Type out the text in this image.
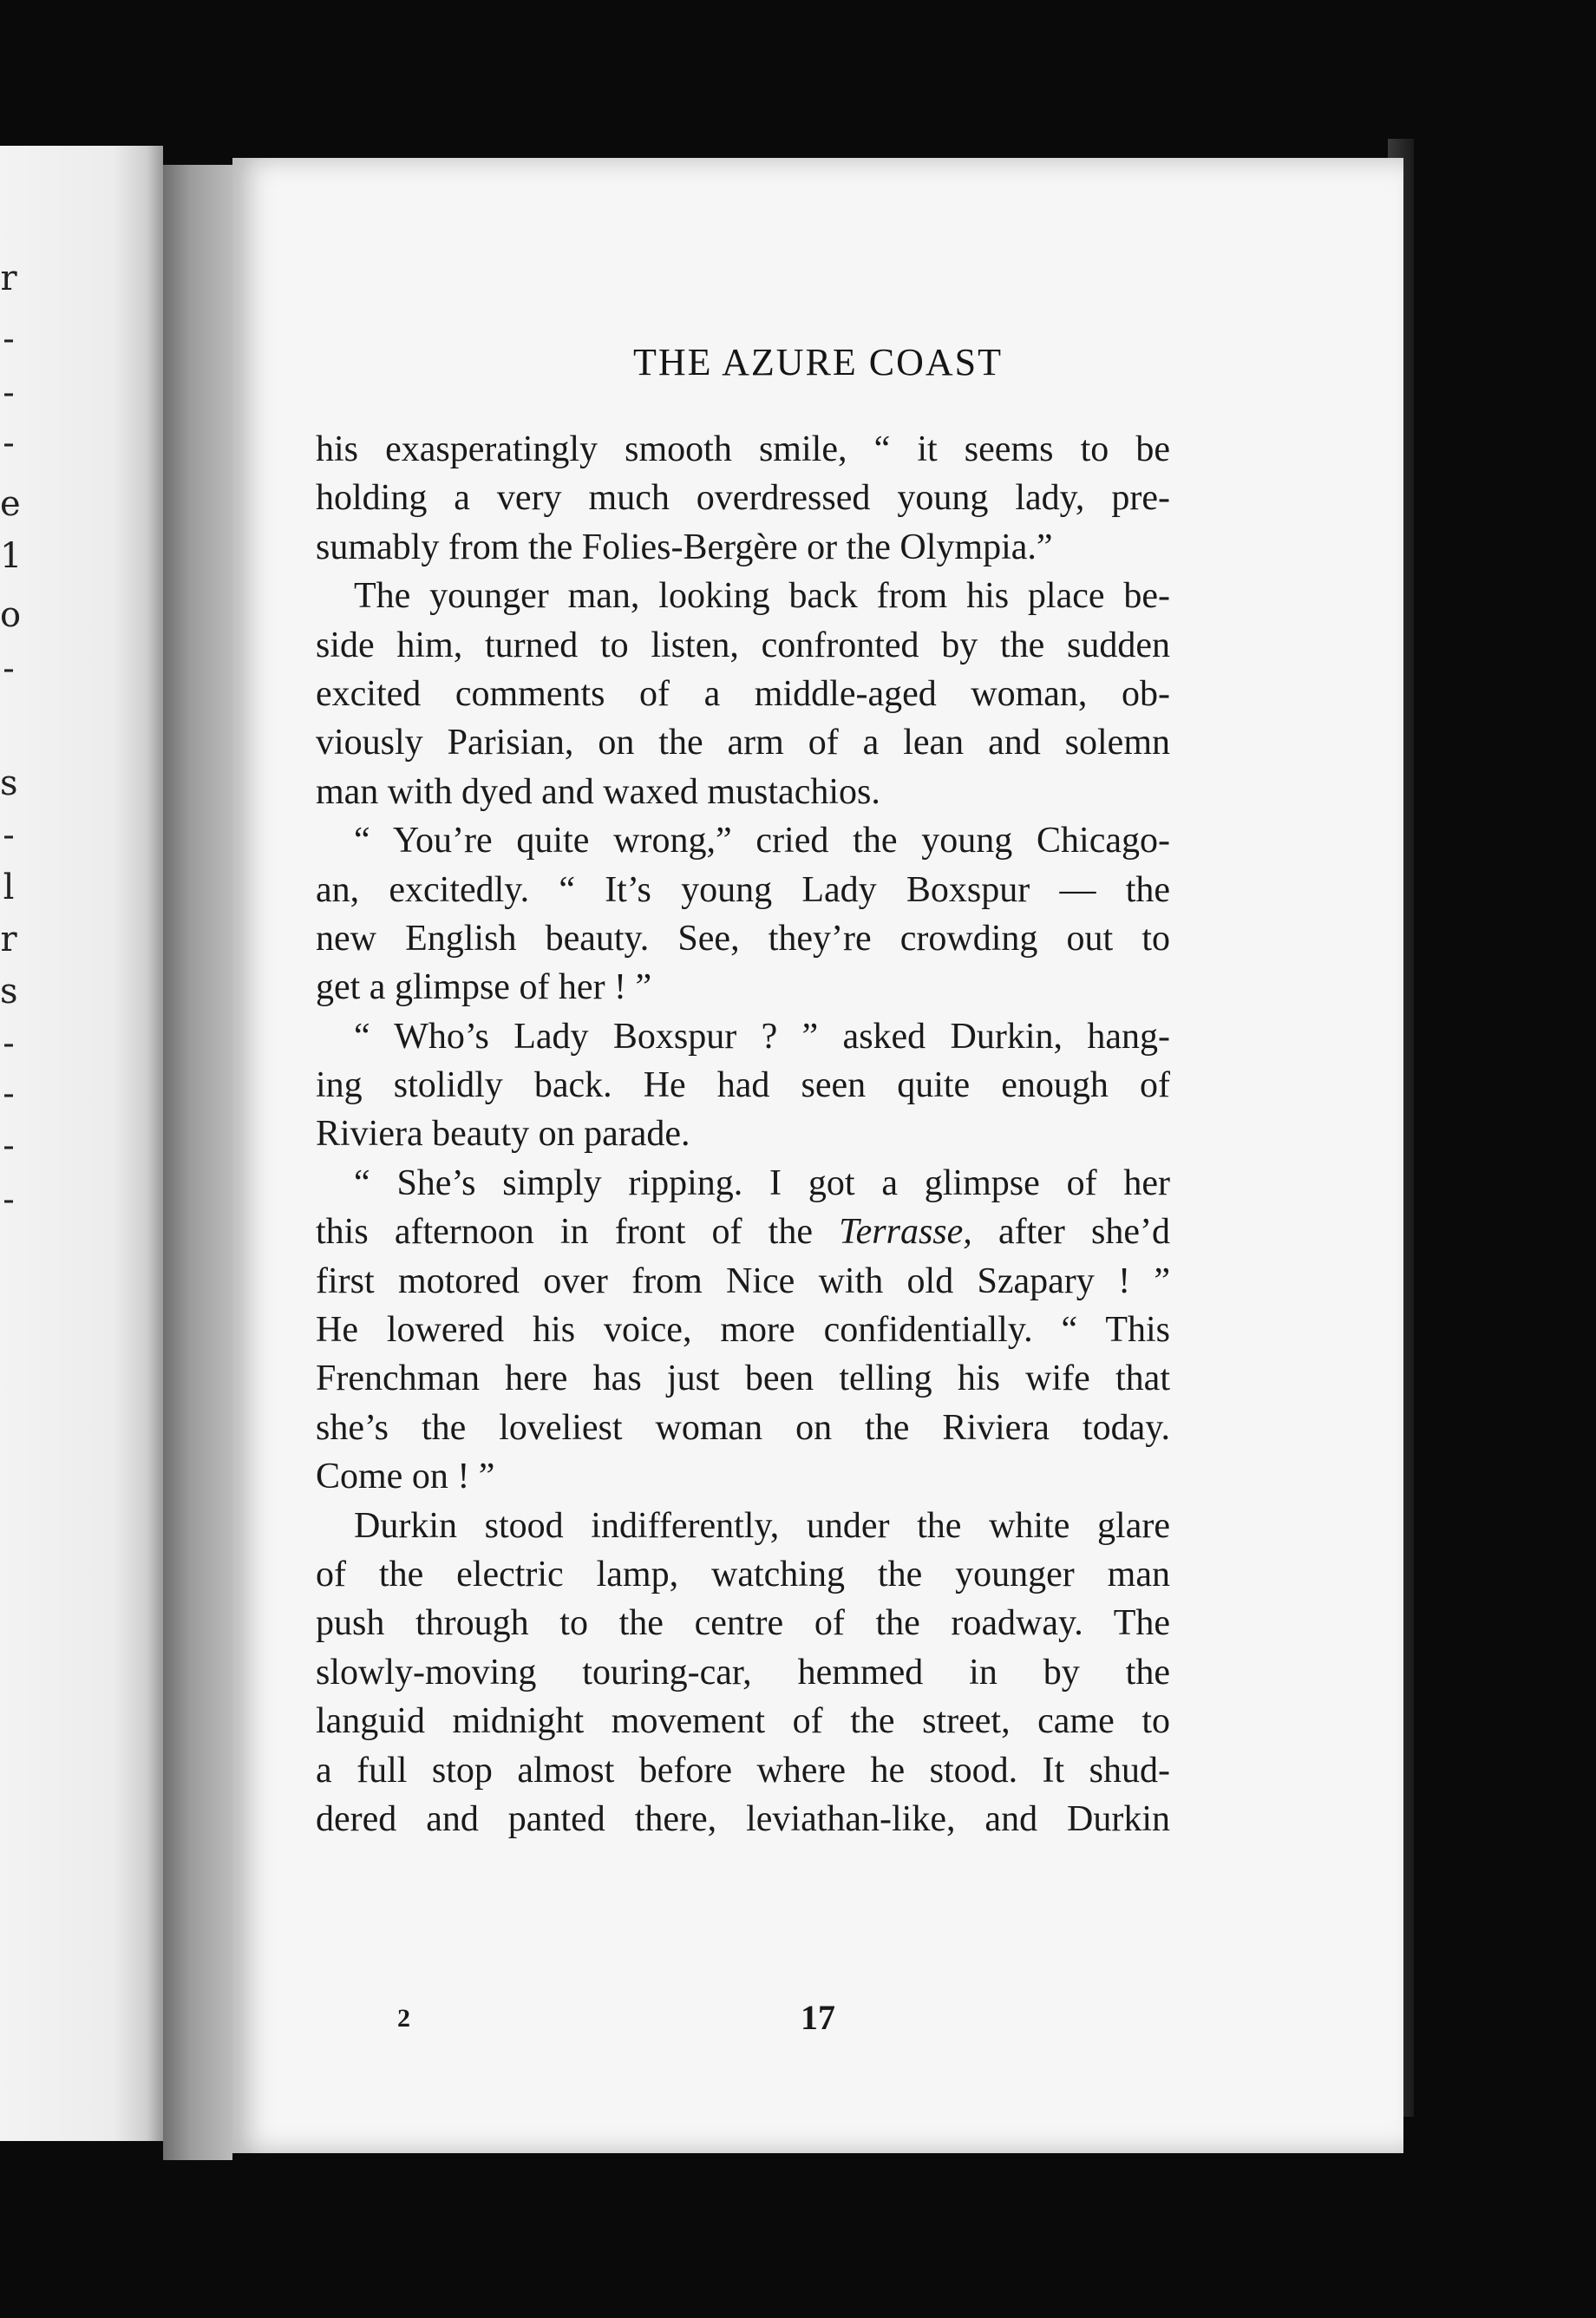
r
-
-
-
e
1
o
-
s
-
l
r
s
-
-
-
-
THE AZURE COAST
his exasperatingly smooth smile, “ it seems to be
holding a very much overdressed young lady, pre-
sumably from the Folies-Bergère or the Olympia.”
The younger man, looking back from his place be-
side him, turned to listen, confronted by the sudden
excited comments of a middle-aged woman, ob-
viously Parisian, on the arm of a lean and solemn
man with dyed and waxed mustachios.
“ You’re quite wrong,” cried the young Chicago-
an, excitedly. “ It’s young Lady Boxspur — the
new English beauty. See, they’re crowding out to
get a glimpse of her ! ”
“ Who’s Lady Boxspur ? ” asked Durkin, hang-
ing stolidly back. He had seen quite enough of
Riviera beauty on parade.
“ She’s simply ripping. I got a glimpse of her
this afternoon in front of the Terrasse, after she’d
first motored over from Nice with old Szapary ! ”
He lowered his voice, more confidentially. “ This
Frenchman here has just been telling his wife that
she’s the loveliest woman on the Riviera today.
Come on ! ”
Durkin stood indifferently, under the white glare
of the electric lamp, watching the younger man
push through to the centre of the roadway. The
slowly-moving touring-car, hemmed in by the
languid midnight movement of the street, came to
a full stop almost before where he stood. It shud-
dered and panted there, leviathan-like, and Durkin
2	17
